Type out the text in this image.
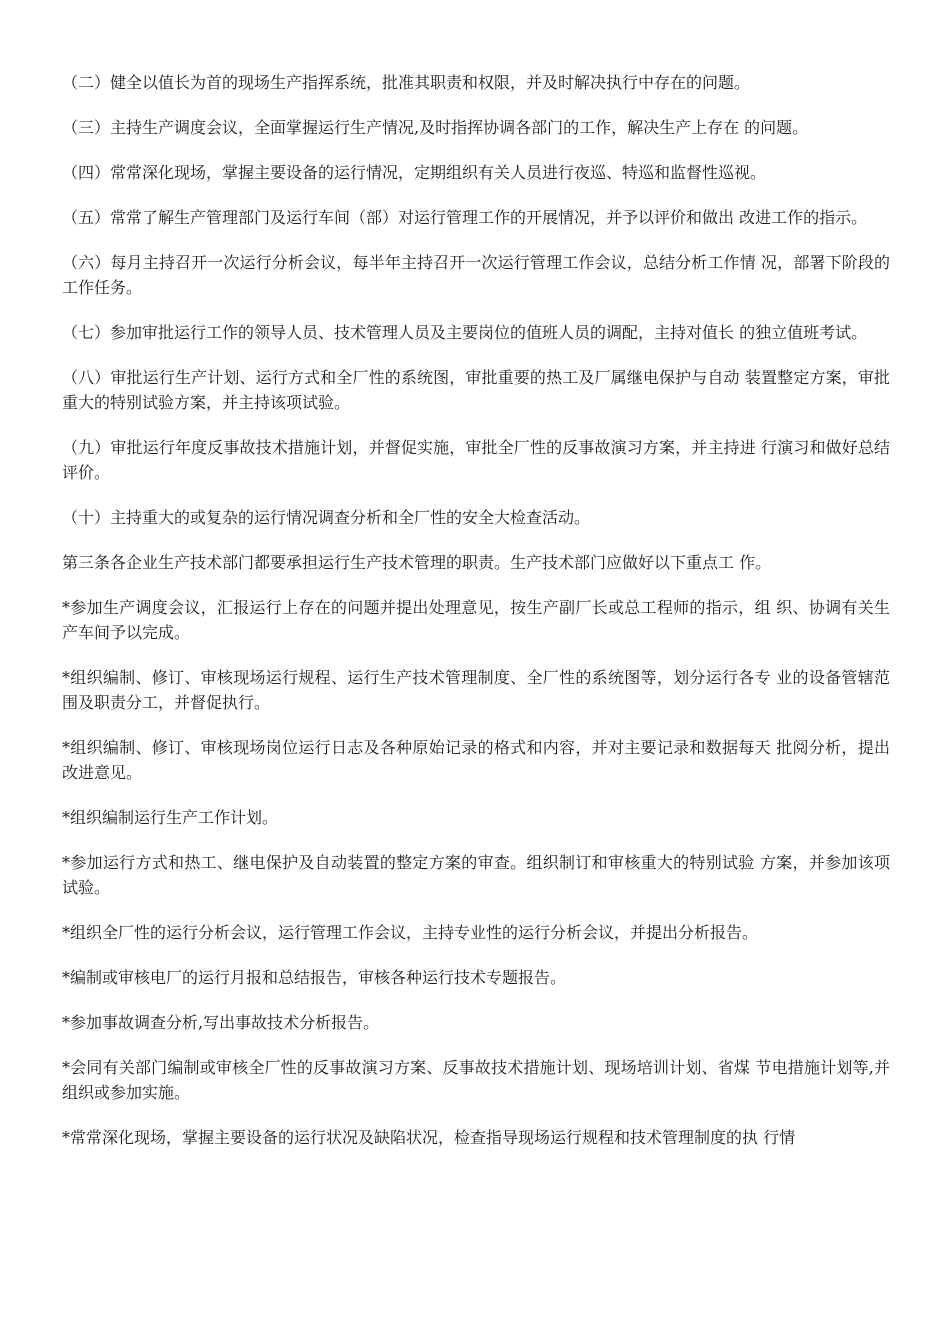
（二）健全以值长为首的现场生产指挥系统，批准其职责和权限，并及时解决执行中存在的问题。

（三）主持生产调度会议，全面掌握运行生产情况,及时指挥协调各部门的工作，解决生产上存在 的问题。

（四）常常深化现场，掌握主要设备的运行情况，定期组织有关人员进行夜巡、特巡和监督性巡视。

（五）常常了解生产管理部门及运行车间（部）对运行管理工作的开展情况，并予以评价和做出 改进工作的指示。

（六）每月主持召开一次运行分析会议，每半年主持召开一次运行管理工作会议，总结分析工作情 况，部署下阶段的工作任务。

（七）参加审批运行工作的领导人员、技术管理人员及主要岗位的值班人员的调配，主持对值长 的独立值班考试。

（八）审批运行生产计划、运行方式和全厂性的系统图，审批重要的热工及厂属继电保护与自动 装置整定方案，审批重大的特别试验方案，并主持该项试验。

（九）审批运行年度反事故技术措施计划，并督促实施，审批全厂性的反事故演习方案，并主持进 行演习和做好总结评价。

（十）主持重大的或复杂的运行情况调查分析和全厂性的安全大检查活动。

第三条各企业生产技术部门都要承担运行生产技术管理的职责。生产技术部门应做好以下重点工 作。

*参加生产调度会议，汇报运行上存在的问题并提出处理意见，按生产副厂长或总工程师的指示，组 织、协调有关生产车间予以完成。

*组织编制、修订、审核现场运行规程、运行生产技术管理制度、全厂性的系统图等，划分运行各专 业的设备管辖范围及职责分工，并督促执行。

*组织编制、修订、审核现场岗位运行日志及各种原始记录的格式和内容，并对主要记录和数据每天 批阅分析，提出改进意见。

*组织编制运行生产工作计划。

*参加运行方式和热工、继电保护及自动装置的整定方案的审查。组织制订和审核重大的特别试验 方案，并参加该项试验。

*组织全厂性的运行分析会议，运行管理工作会议，主持专业性的运行分析会议，并提出分析报告。

*编制或审核电厂的运行月报和总结报告，审核各种运行技术专题报告。

*参加事故调查分析,写出事故技术分析报告。

*会同有关部门编制或审核全厂性的反事故演习方案、反事故技术措施计划、现场培训计划、省煤 节电措施计划等,并组织或参加实施。

*常常深化现场，掌握主要设备的运行状况及缺陷状况，检查指导现场运行规程和技术管理制度的执 行情
